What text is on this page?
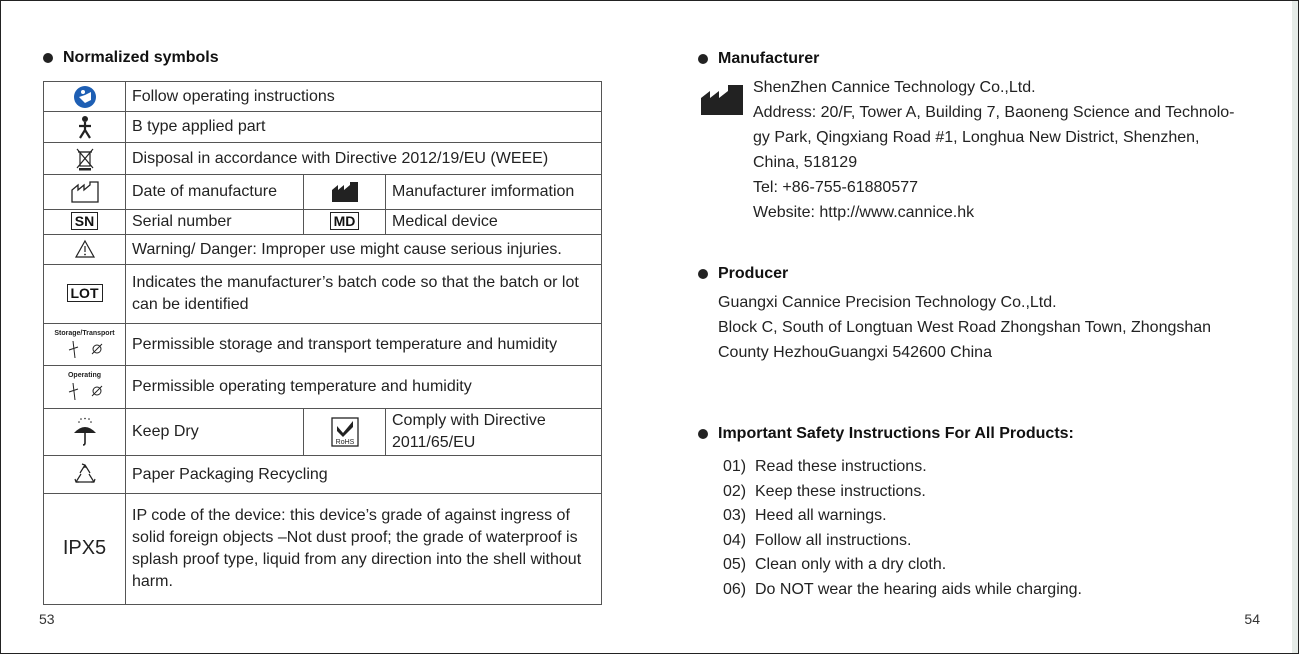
Normalized symbols
	Follow operating instructions		
	B type applied part		
	Disposal in accordance with Directive 2012/19/EU (WEEE)		
	Date of manufacture		Manufacturer imformation
SN	Serial number	MD	Medical device
	Warning/ Danger: Improper use might cause serious injuries.		
LOT	Indicates the manufacturer’s batch code so that the batch or lot can be identified		

Storage/Transport	Permissible storage and transport temperature and humidity		

Operating	Permissible operating temperature and humidity		
	Keep Dry	RoHS	Comply with Directive 2011/65/EU
	Paper Packaging Recycling		
IPX5	IP code of the device: this device’s grade of against ingress of solid foreign objects –Not dust proof; the grade of waterproof is splash proof type, liquid from any direction into the shell without harm.		
53	54
Manufacturer
ShenZhen Cannice Technology Co.,Ltd.
Address: 20/F, Tower A, Building 7, Baoneng Science and Technolo-
gy Park, Qingxiang Road #1, Longhua New District, Shenzhen,
China, 518129
Tel: +86-755-61880577
Website: http://www.cannice.hk
Producer
Guangxi Cannice Precision Technology Co.,Ltd.
Block C, South of Longtuan West Road Zhongshan Town, Zhongshan
County HezhouGuangxi 542600 China
Important Safety Instructions For All Products:
01) Read these instructions.
02) Keep these instructions.
03) Heed all warnings.
04) Follow all instructions.
05) Clean only with a dry cloth.
06) Do NOT wear the hearing aids while charging.
